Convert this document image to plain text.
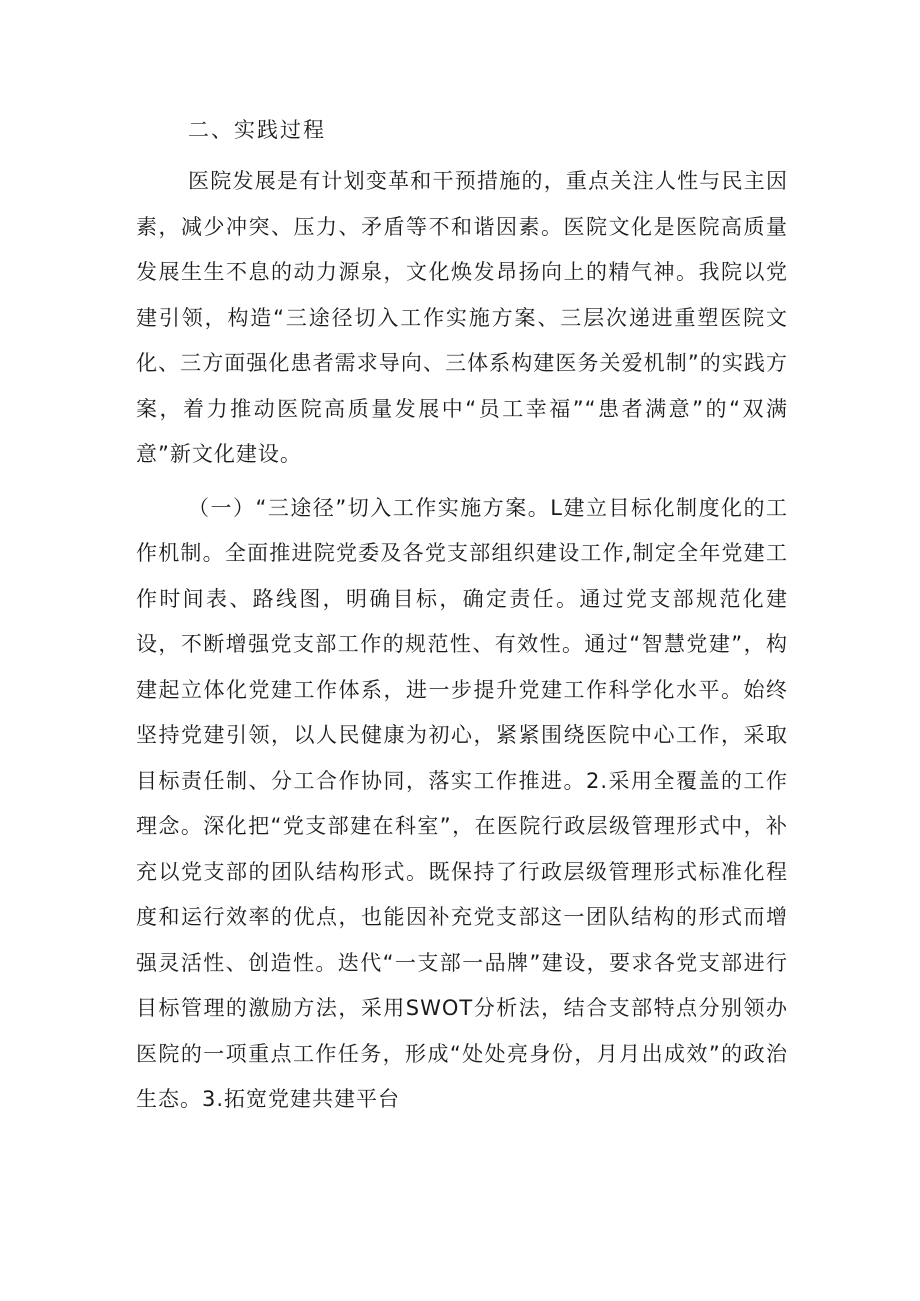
二、实践过程

医院发展是有计划变革和干预措施的，重点关注人性与民主因素，减少冲突、压力、矛盾等不和谐因素。医院文化是医院高质量发展生生不息的动力源泉，文化焕发昂扬向上的精气神。我院以党建引领，构造“三途径切入工作实施方案、三层次递进重塑医院文化、三方面强化患者需求导向、三体系构建医务关爱机制”的实践方案，着力推动医院高质量发展中“员工幸福”“患者满意”的“双满意”新文化建设。

（一）“三途径”切入工作实施方案。L建立目标化制度化的工作机制。全面推进院党委及各党支部组织建设工作,制定全年党建工作时间表、路线图，明确目标，确定责任。通过党支部规范化建设，不断增强党支部工作的规范性、有效性。通过“智慧党建”，构建起立体化党建工作体系，进一步提升党建工作科学化水平。始终坚持党建引领，以人民健康为初心，紧紧围绕医院中心工作，采取目标责任制、分工合作协同，落实工作推进。2.采用全覆盖的工作理念。深化把“党支部建在科室”，在医院行政层级管理形式中，补充以党支部的团队结构形式。既保持了行政层级管理形式标准化程度和运行效率的优点，也能因补充党支部这一团队结构的形式而增强灵活性、创造性。迭代“一支部一品牌”建设，要求各党支部进行目标管理的激励方法，采用SWOT分析法，结合支部特点分别领办医院的一项重点工作任务，形成“处处亮身份，月月出成效”的政治生态。3.拓宽党建共建平台
